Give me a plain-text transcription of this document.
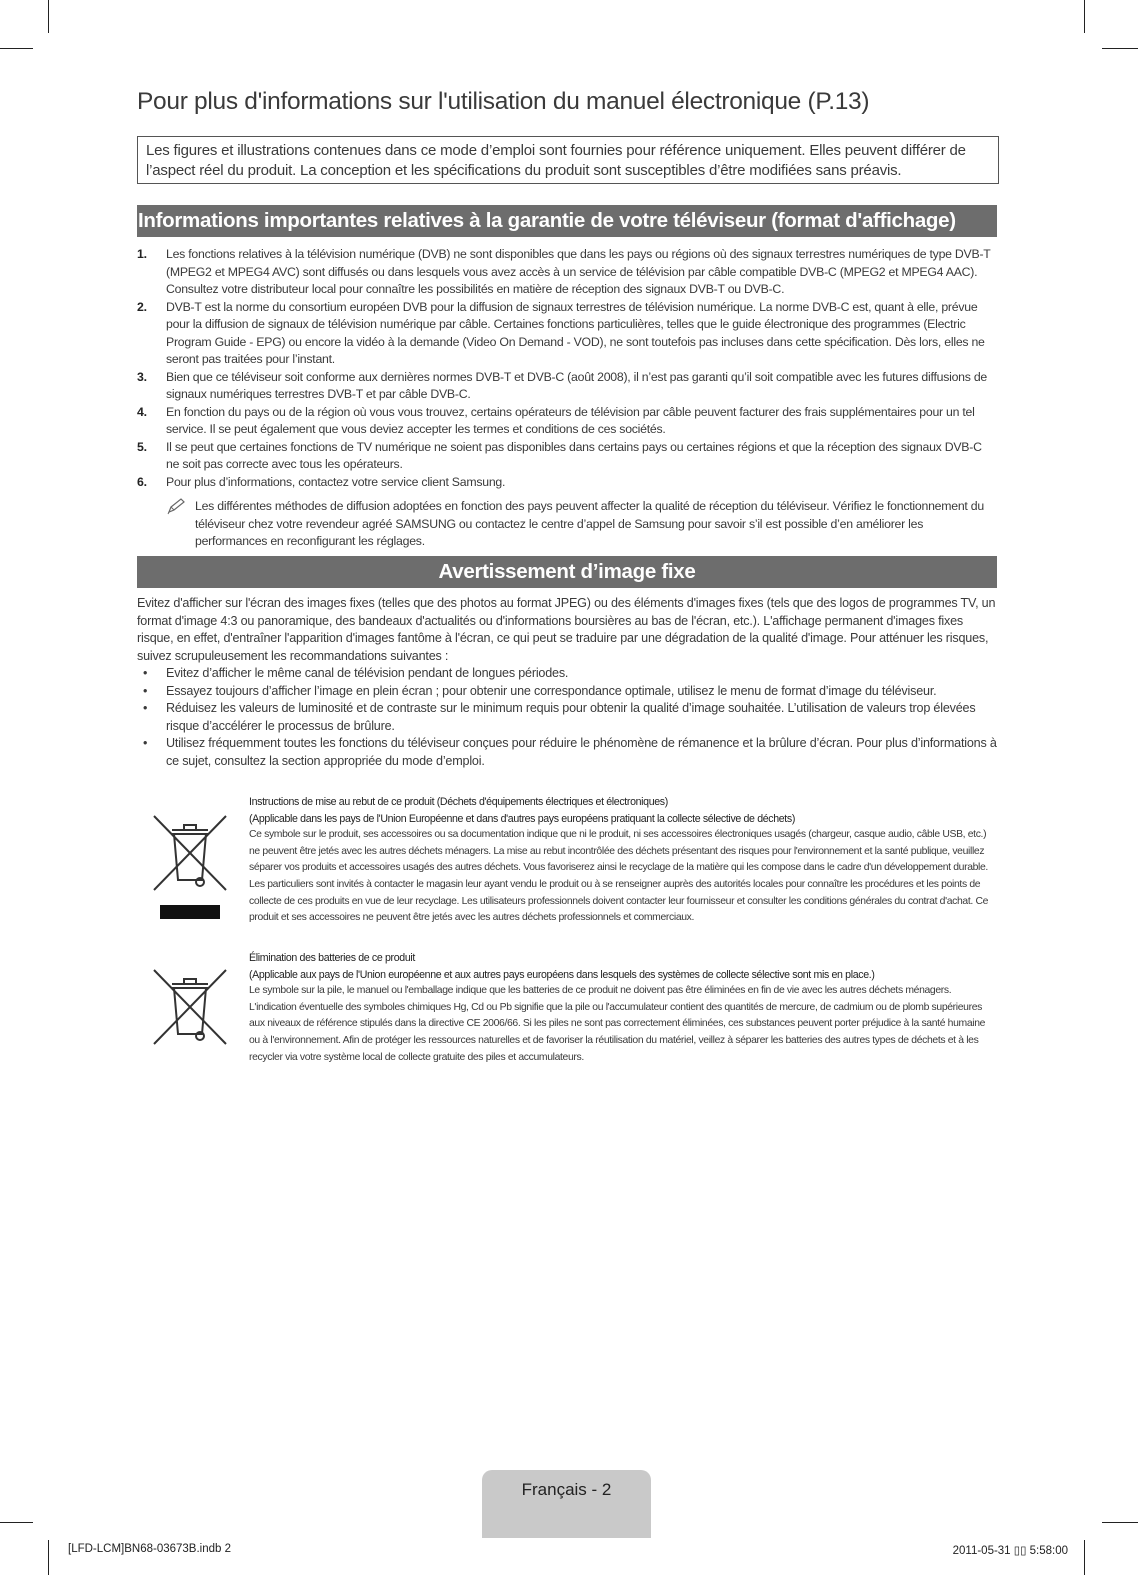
Pour plus d'informations sur l'utilisation du manuel électronique (P.13)
Les figures et illustrations contenues dans ce mode d’emploi sont fournies pour référence uniquement. Elles peuvent différer de l’aspect réel du produit. La conception et les spécifications du produit sont susceptibles d’être modifiées sans préavis.
Informations importantes relatives à la garantie de votre téléviseur (format d'affichage)
1. Les fonctions relatives à la télévision numérique (DVB) ne sont disponibles que dans les pays ou régions où des signaux terrestres numériques de type DVB-T (MPEG2 et MPEG4 AVC) sont diffusés ou dans lesquels vous avez accès à un service de télévision par câble compatible DVB-C (MPEG2 et MPEG4 AAC). Consultez votre distributeur local pour connaître les possibilités en matière de réception des signaux DVB-T ou DVB-C.
2. DVB-T est la norme du consortium européen DVB pour la diffusion de signaux terrestres de télévision numérique. La norme DVB-C est, quant à elle, prévue pour la diffusion de signaux de télévision numérique par câble. Certaines fonctions particulières, telles que le guide électronique des programmes (Electric Program Guide - EPG) ou encore la vidéo à la demande (Video On Demand - VOD), ne sont toutefois pas incluses dans cette spécification. Dès lors, elles ne seront pas traitées pour l’instant.
3. Bien que ce téléviseur soit conforme aux dernières normes DVB-T et DVB-C (août 2008), il n’est pas garanti qu’il soit compatible avec les futures diffusions de signaux numériques terrestres DVB-T et par câble DVB-C.
4. En fonction du pays ou de la région où vous vous trouvez, certains opérateurs de télévision par câble peuvent facturer des frais supplémentaires pour un tel service. Il se peut également que vous deviez accepter les termes et conditions de ces sociétés.
5. Il se peut que certaines fonctions de TV numérique ne soient pas disponibles dans certains pays ou certaines régions et que la réception des signaux DVB-C ne soit pas correcte avec tous les opérateurs.
6. Pour plus d’informations, contactez votre service client Samsung.
Les différentes méthodes de diffusion adoptées en fonction des pays peuvent affecter la qualité de réception du téléviseur. Vérifiez le fonctionnement du téléviseur chez votre revendeur agréé SAMSUNG ou contactez le centre d’appel de Samsung pour savoir s’il est possible d’en améliorer les performances en reconfigurant les réglages.
Avertissement d’image fixe

Evitez d'afficher sur l'écran des images fixes (telles que des photos au format JPEG) ou des éléments d'images fixes (tels que des logos de programmes TV, un format d'image 4:3 ou panoramique, des bandeaux d'actualités ou d'informations boursières au bas de l'écran, etc.). L'affichage permanent d'images fixes risque, en effet, d'entraîner l'apparition d'images fantôme à l'écran, ce qui peut se traduire par une dégradation de la qualité d'image. Pour atténuer les risques, suivez scrupuleusement les recommandations suivantes :

• Evitez d’afficher le même canal de télévision pendant de longues périodes.
• Essayez toujours d’afficher l’image en plein écran ; pour obtenir une correspondance optimale, utilisez le menu de format d’image du téléviseur.
• Réduisez les valeurs de luminosité et de contraste sur le minimum requis pour obtenir la qualité d’image souhaitée. L’utilisation de valeurs trop élevées risque d’accélérer le processus de brûlure.
• Utilisez fréquemment toutes les fonctions du téléviseur conçues pour réduire le phénomène de rémanence et la brûlure d’écran. Pour plus d’informations à ce sujet, consultez la section appropriée du mode d’emploi.

Instructions de mise au rebut de ce produit (Déchets d'équipements électriques et électroniques)

(Applicable dans les pays de l'Union Européenne et dans d'autres pays européens pratiquant la collecte sélective de déchets)

Ce symbole sur le produit, ses accessoires ou sa documentation indique que ni le produit, ni ses accessoires électroniques usagés (chargeur, casque audio, câble USB, etc.) ne peuvent être jetés avec les autres déchets ménagers. La mise au rebut incontrôlée des déchets présentant des risques pour l'environnement et la santé publique, veuillez séparer vos produits et accessoires usagés des autres déchets. Vous favoriserez ainsi le recyclage de la matière qui les compose dans le cadre d'un développement durable. Les particuliers sont invités à contacter le magasin leur ayant vendu le produit ou à se renseigner auprès des autorités locales pour connaître les procédures et les points de collecte de ces produits en vue de leur recyclage. Les utilisateurs professionnels doivent contacter leur fournisseur et consulter les conditions générales du contrat d'achat. Ce produit et ses accessoires ne peuvent être jetés avec les autres déchets professionnels et commerciaux.

Élimination des batteries de ce produit

(Applicable aux pays de l'Union européenne et aux autres pays européens dans lesquels des systèmes de collecte sélective sont mis en place.)

Le symbole sur la pile, le manuel ou l'emballage indique que les batteries de ce produit ne doivent pas être éliminées en fin de vie avec les autres déchets ménagers. L'indication éventuelle des symboles chimiques Hg, Cd ou Pb signifie que la pile ou l'accumulateur contient des quantités de mercure, de cadmium ou de plomb supérieures aux niveaux de référence stipulés dans la directive CE 2006/66. Si les piles ne sont pas correctement éliminées, ces substances peuvent porter préjudice à la santé humaine ou à l'environnement. Afin de protéger les ressources naturelles et de favoriser la réutilisation du matériel, veillez à séparer les batteries des autres types de déchets et à les recycler via votre système local de collecte gratuite des piles et accumulateurs.

Français - 2
[LFD-LCM]BN68-03673B.indb 2	2011-05-31 ▯▯ 5:58:00
